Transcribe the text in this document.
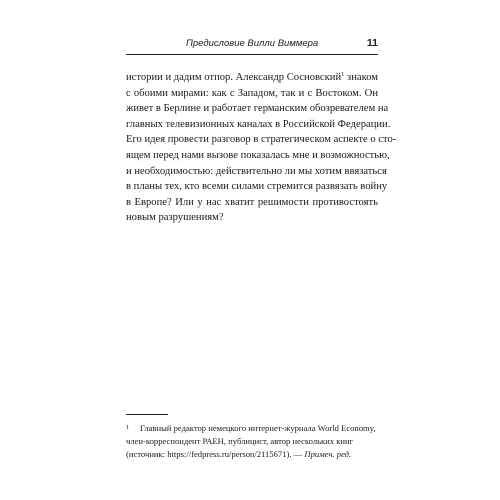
Предисловие Вилли Виммера	11
истории и дадим отпор. Александр Сосновский$^1$ знаком
с обоими мирами: как с Западом, так и с Востоком. Он
живет в Берлине и работает германским обозревателем на
главных телевизионных каналах в Российской Федерации.
Его идея провести разговор в стратегическом аспекте о сто-
ящем перед нами вызове показалась мне и возможностью,
и необходимостью: действительно ли мы хотим ввязаться
в планы тех, кто всеми силами стремится развязать войну
в Европе? Или у нас хватит решимости противостоять
новым разрушениям?
1	Главный редактор немецкого интернет-журнала World Economy,
член-корреспондент РАЕН, публицист, автор нескольких книг
(источник: https://fedpress.ru/person/2115671). — Примеч. ред.
